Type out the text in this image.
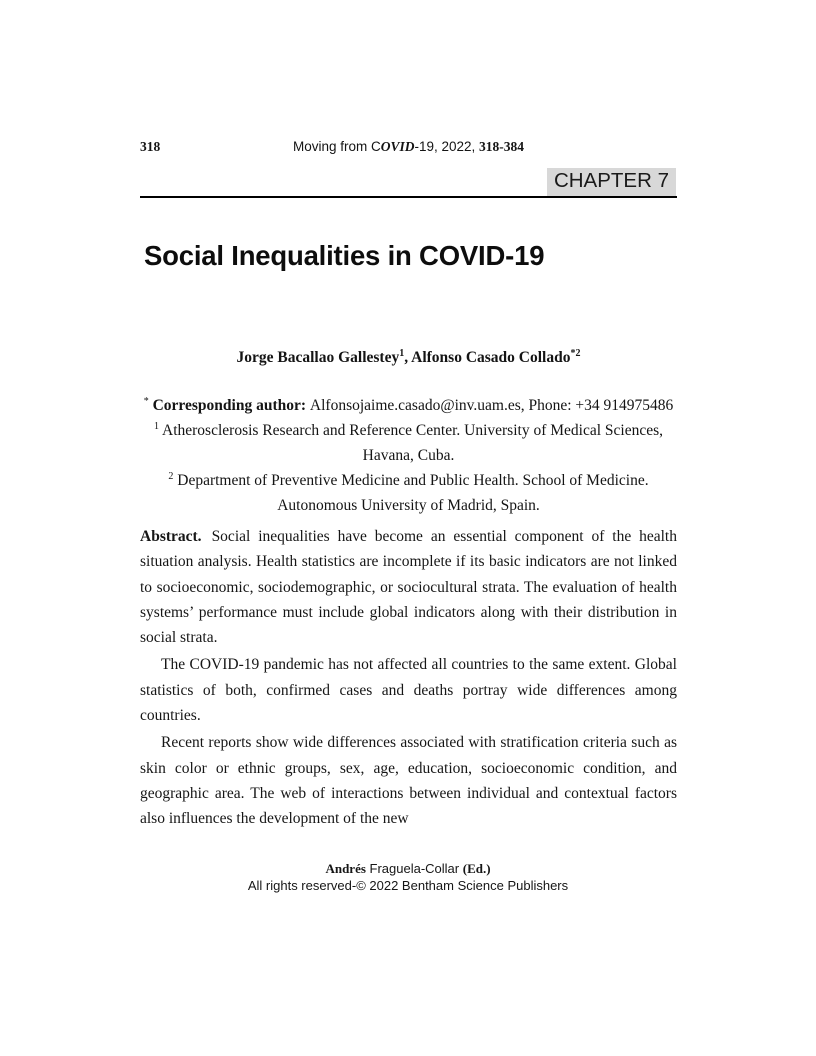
318	Moving from COVID-19, 2022, 318-384
CHAPTER 7
Social Inequalities in COVID-19
Jorge Bacallao Gallestey$^1$, Alfonso Casado Collado$^{*2}$
* Corresponding author: Alfonsojaime.casado@inv.uam.es, Phone: +34 914975486
$^1$ Atherosclerosis Research and Reference Center. University of Medical Sciences, Havana, Cuba.
$^2$ Department of Preventive Medicine and Public Health. School of Medicine.
Autonomous University of Madrid, Spain.

Abstract. Social inequalities have become an essential component of the health situation analysis. Health statistics are incomplete if its basic indicators are not linked to socioeconomic, sociodemographic, or sociocultural strata. The evaluation of health systems’ performance must include global indicators along with their distribution in social strata.

The COVID-19 pandemic has not affected all countries to the same extent. Global statistics of both, confirmed cases and deaths portray wide differences among countries.

Recent reports show wide differences associated with stratification criteria such as skin color or ethnic groups, sex, age, education, socioeconomic condition, and geographic area. The web of interactions between individual and contextual factors also influences the development of the new

Andrés Fraguela-Collar (Ed.)
All rights reserved-© 2022 Bentham Science Publishers
